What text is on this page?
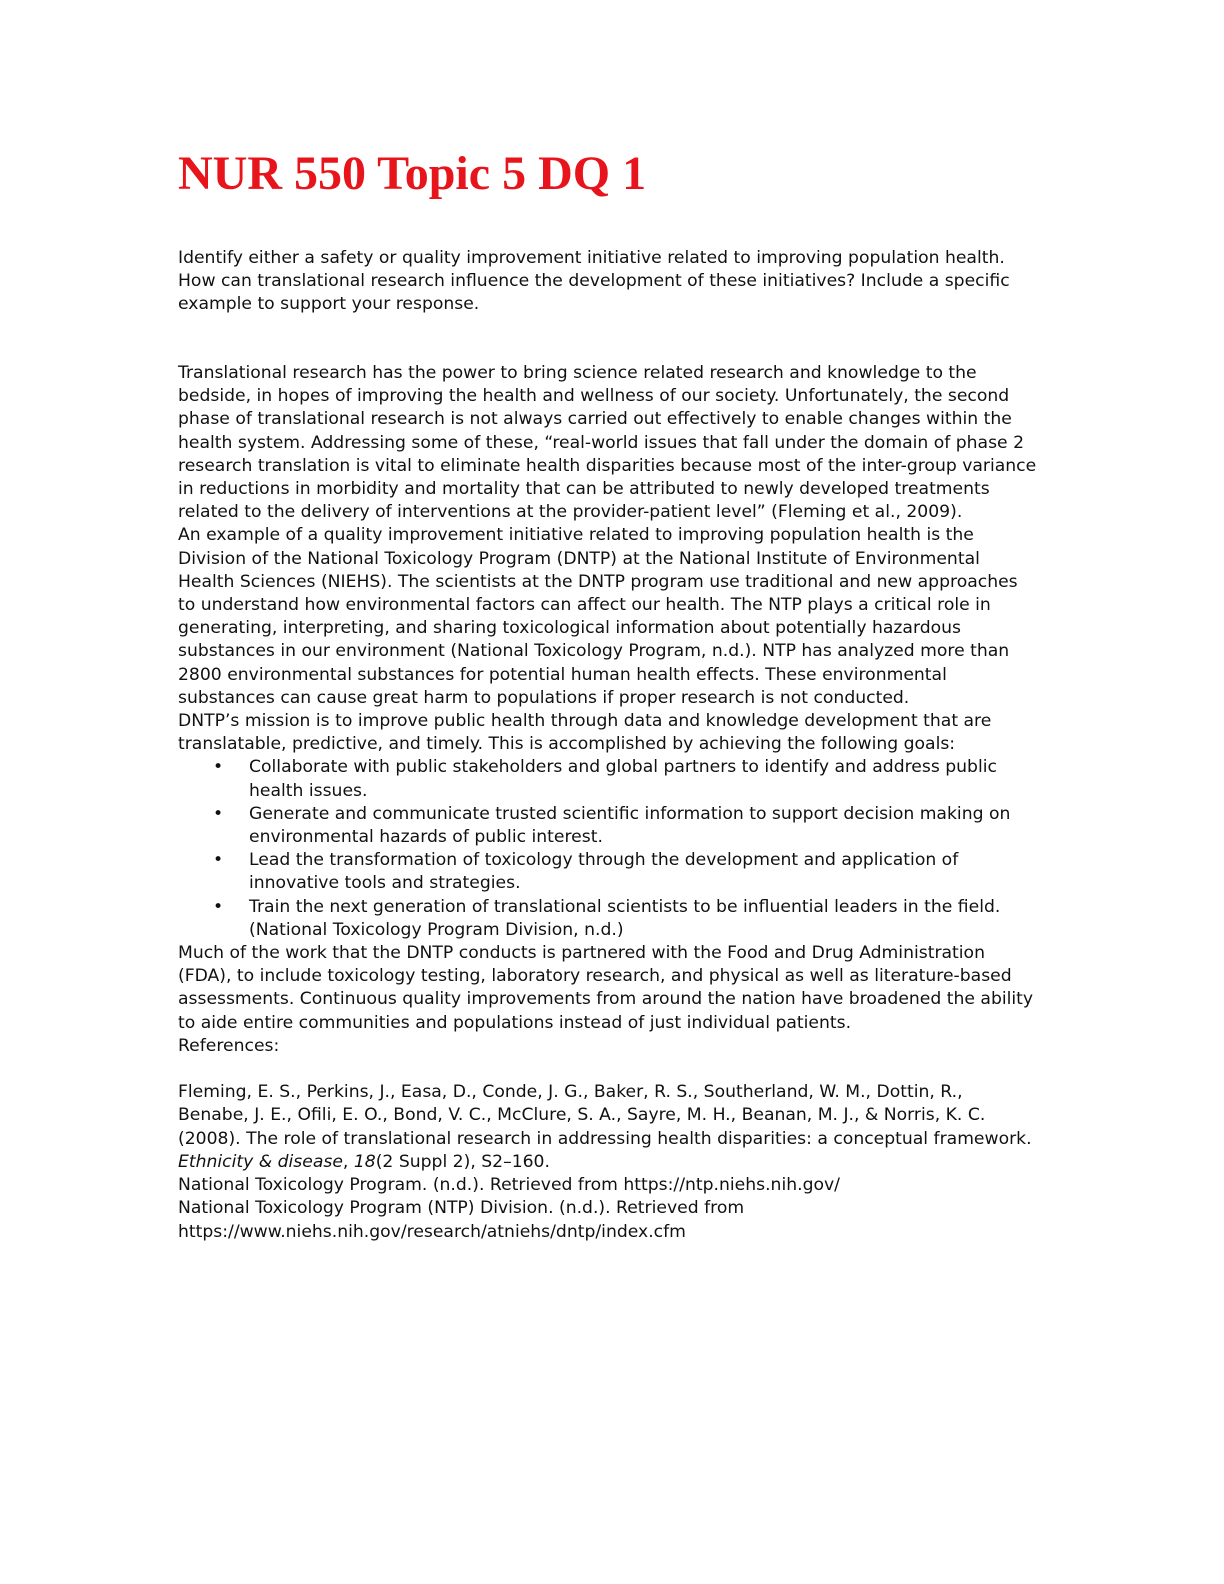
NUR 550 Topic 5 DQ 1

Identify either a safety or quality improvement initiative related to improving population health. How can translational research influence the development of these initiatives? Include a specific example to support your response.

Translational research has the power to bring science related research and knowledge to the bedside, in hopes of improving the health and wellness of our society. Unfortunately, the second phase of translational research is not always carried out effectively to enable changes within the health system. Addressing some of these, “real-world issues that fall under the domain of phase 2 research translation is vital to eliminate health disparities because most of the inter-group variance in reductions in morbidity and mortality that can be attributed to newly developed treatments related to the delivery of interventions at the provider-patient level” (Fleming et al., 2009).

An example of a quality improvement initiative related to improving population health is the Division of the National Toxicology Program (DNTP) at the National Institute of Environmental Health Sciences (NIEHS). The scientists at the DNTP program use traditional and new approaches to understand how environmental factors can affect our health. The NTP plays a critical role in generating, interpreting, and sharing toxicological information about potentially hazardous substances in our environment (National Toxicology Program, n.d.). NTP has analyzed more than 2800 environmental substances for potential human health effects. These environmental substances can cause great harm to populations if proper research is not conducted.

DNTP’s mission is to improve public health through data and knowledge development that are translatable, predictive, and timely. This is accomplished by achieving the following goals:

• Collaborate with public stakeholders and global partners to identify and address public health issues.
• Generate and communicate trusted scientific information to support decision making on environmental hazards of public interest.
• Lead the transformation of toxicology through the development and application of innovative tools and strategies.
• Train the next generation of translational scientists to be influential leaders in the field. (National Toxicology Program Division, n.d.)

Much of the work that the DNTP conducts is partnered with the Food and Drug Administration (FDA), to include toxicology testing, laboratory research, and physical as well as literature-based assessments. Continuous quality improvements from around the nation have broadened the ability to aide entire communities and populations instead of just individual patients.

References:

Fleming, E. S., Perkins, J., Easa, D., Conde, J. G., Baker, R. S., Southerland, W. M., Dottin, R., Benabe, J. E., Ofili, E. O., Bond, V. C., McClure, S. A., Sayre, M. H., Beanan, M. J., & Norris, K. C. (2008). The role of translational research in addressing health disparities: a conceptual framework. Ethnicity & disease, 18(2 Suppl 2), S2–160.

National Toxicology Program. (n.d.). Retrieved from https://ntp.niehs.nih.gov/

National Toxicology Program (NTP) Division. (n.d.). Retrieved from https://www.niehs.nih.gov/research/atniehs/dntp/index.cfm
